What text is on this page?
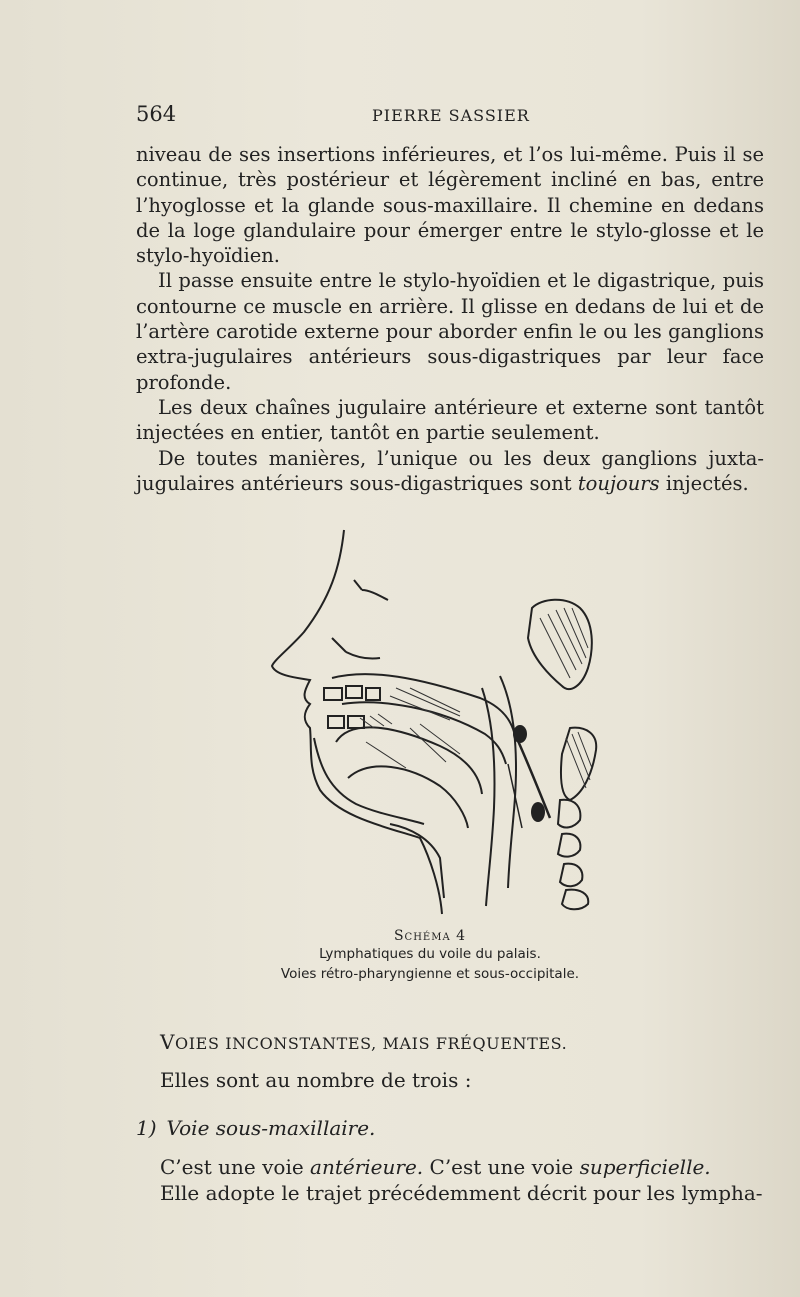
564	PIERRE SASSIER

niveau de ses insertions inférieures, et l’os lui-même. Puis il se continue, très postérieur et légèrement incliné en bas, entre l’hyoglosse et la glande sous-maxillaire. Il chemine en dedans de la loge glandulaire pour émerger entre le stylo-glosse et le stylo-hyoïdien.

Il passe ensuite entre le stylo-hyoïdien et le digastrique, puis contourne ce muscle en arrière. Il glisse en dedans de lui et de l’artère carotide externe pour aborder enfin le ou les ganglions extra-jugulaires antérieurs sous-digastriques par leur face profonde.

Les deux chaînes jugulaire antérieure et externe sont tantôt injectées en entier, tantôt en partie seulement.

De toutes manières, l’unique ou les deux ganglions juxta-jugulaires antérieurs sous-digastriques sont toujours injectés.

Schéma 4
Lymphatiques du voile du palais.
Voies rétro-pharyngienne et sous-occipitale.
VOIES INCONSTANTES, MAIS FRÉQUENTES.
Elles sont au nombre de trois :
1) Voie sous-maxillaire.

C’est une voie antérieure. C’est une voie superficielle.

Elle adopte le trajet précédemment décrit pour les lympha-
